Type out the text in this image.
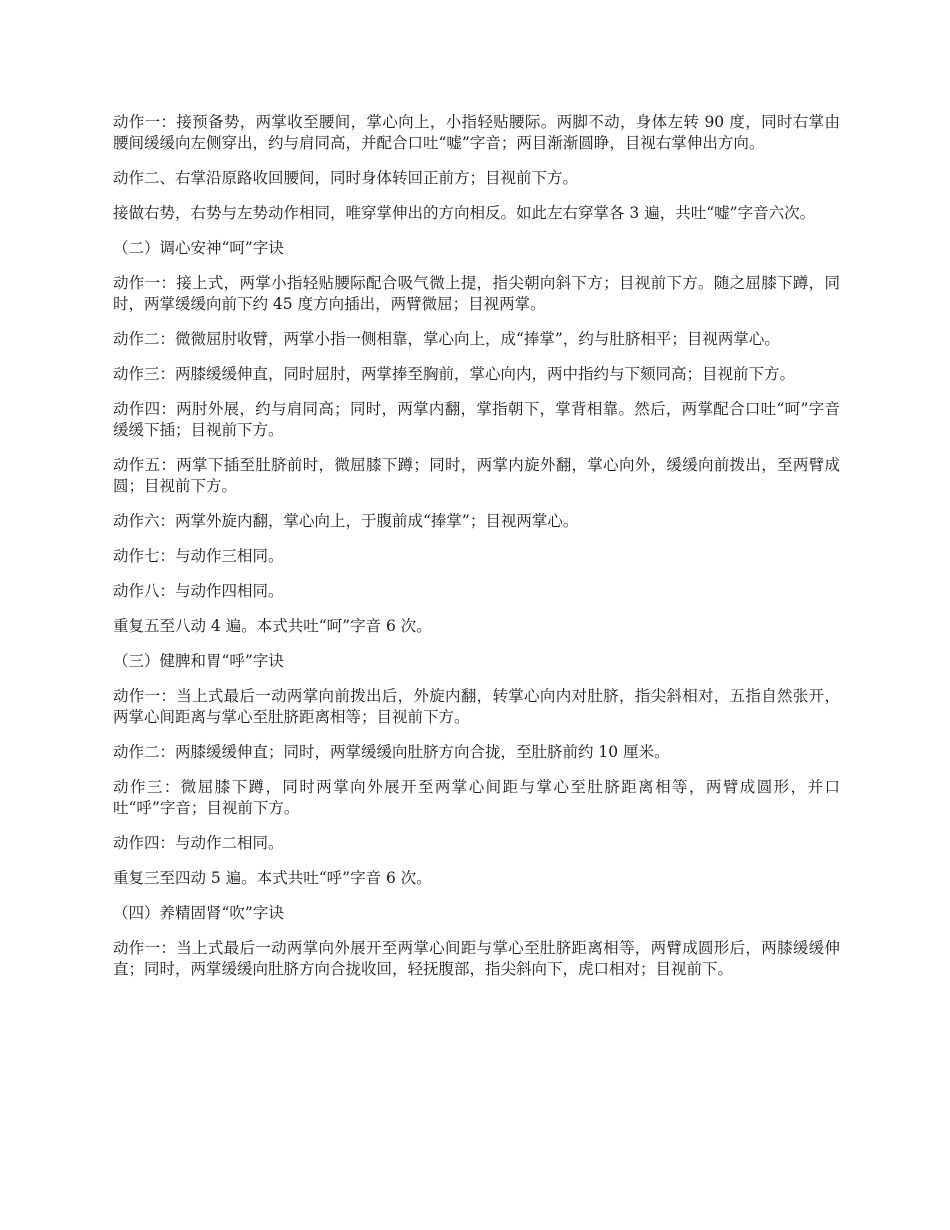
动作一：接预备势，两掌收至腰间，掌心向上，小指轻贴腰际。两脚不动，身体左转 90 度，同时右掌由腰间缓缓向左侧穿出，约与肩同高，并配合口吐“嘘”字音；两目渐渐圆睁，目视右掌伸出方向。

动作二、右掌沿原路收回腰间，同时身体转回正前方；目视前下方。

接做右势，右势与左势动作相同，唯穿掌伸出的方向相反。如此左右穿掌各 3 遍，共吐“嘘”字音六次。

（二）调心安神“呵”字诀

动作一：接上式，两掌小指轻贴腰际配合吸气微上提，指尖朝向斜下方；目视前下方。随之屈膝下蹲，同时，两掌缓缓向前下约 45 度方向插出，两臂微屈；目视两掌。

动作二：微微屈肘收臂，两掌小指一侧相靠，掌心向上，成“捧掌”，约与肚脐相平；目视两掌心。

动作三：两膝缓缓伸直，同时屈肘，两掌捧至胸前，掌心向内，两中指约与下颏同高；目视前下方。

动作四：两肘外展，约与肩同高；同时，两掌内翻，掌指朝下，掌背相靠。然后，两掌配合口吐“呵”字音缓缓下插；目视前下方。

动作五：两掌下插至肚脐前时，微屈膝下蹲；同时，两掌内旋外翻，掌心向外，缓缓向前拨出，至两臂成圆；目视前下方。

动作六：两掌外旋内翻，掌心向上，于腹前成“捧掌”；目视两掌心。

动作七：与动作三相同。

动作八：与动作四相同。

重复五至八动 4 遍。本式共吐“呵”字音 6 次。

（三）健脾和胃“呼”字诀

动作一：当上式最后一动两掌向前拨出后，外旋内翻，转掌心向内对肚脐，指尖斜相对，五指自然张开，两掌心间距离与掌心至肚脐距离相等；目视前下方。

动作二：两膝缓缓伸直；同时，两掌缓缓向肚脐方向合拢，至肚脐前约 10 厘米。

动作三：微屈膝下蹲，同时两掌向外展开至两掌心间距与掌心至肚脐距离相等，两臂成圆形，并口吐“呼”字音；目视前下方。

动作四：与动作二相同。

重复三至四动 5 遍。本式共吐“呼”字音 6 次。

（四）养精固肾“吹”字诀

动作一：当上式最后一动两掌向外展开至两掌心间距与掌心至肚脐距离相等，两臂成圆形后，两膝缓缓伸直；同时，两掌缓缓向肚脐方向合拢收回，轻抚腹部，指尖斜向下，虎口相对；目视前下。
